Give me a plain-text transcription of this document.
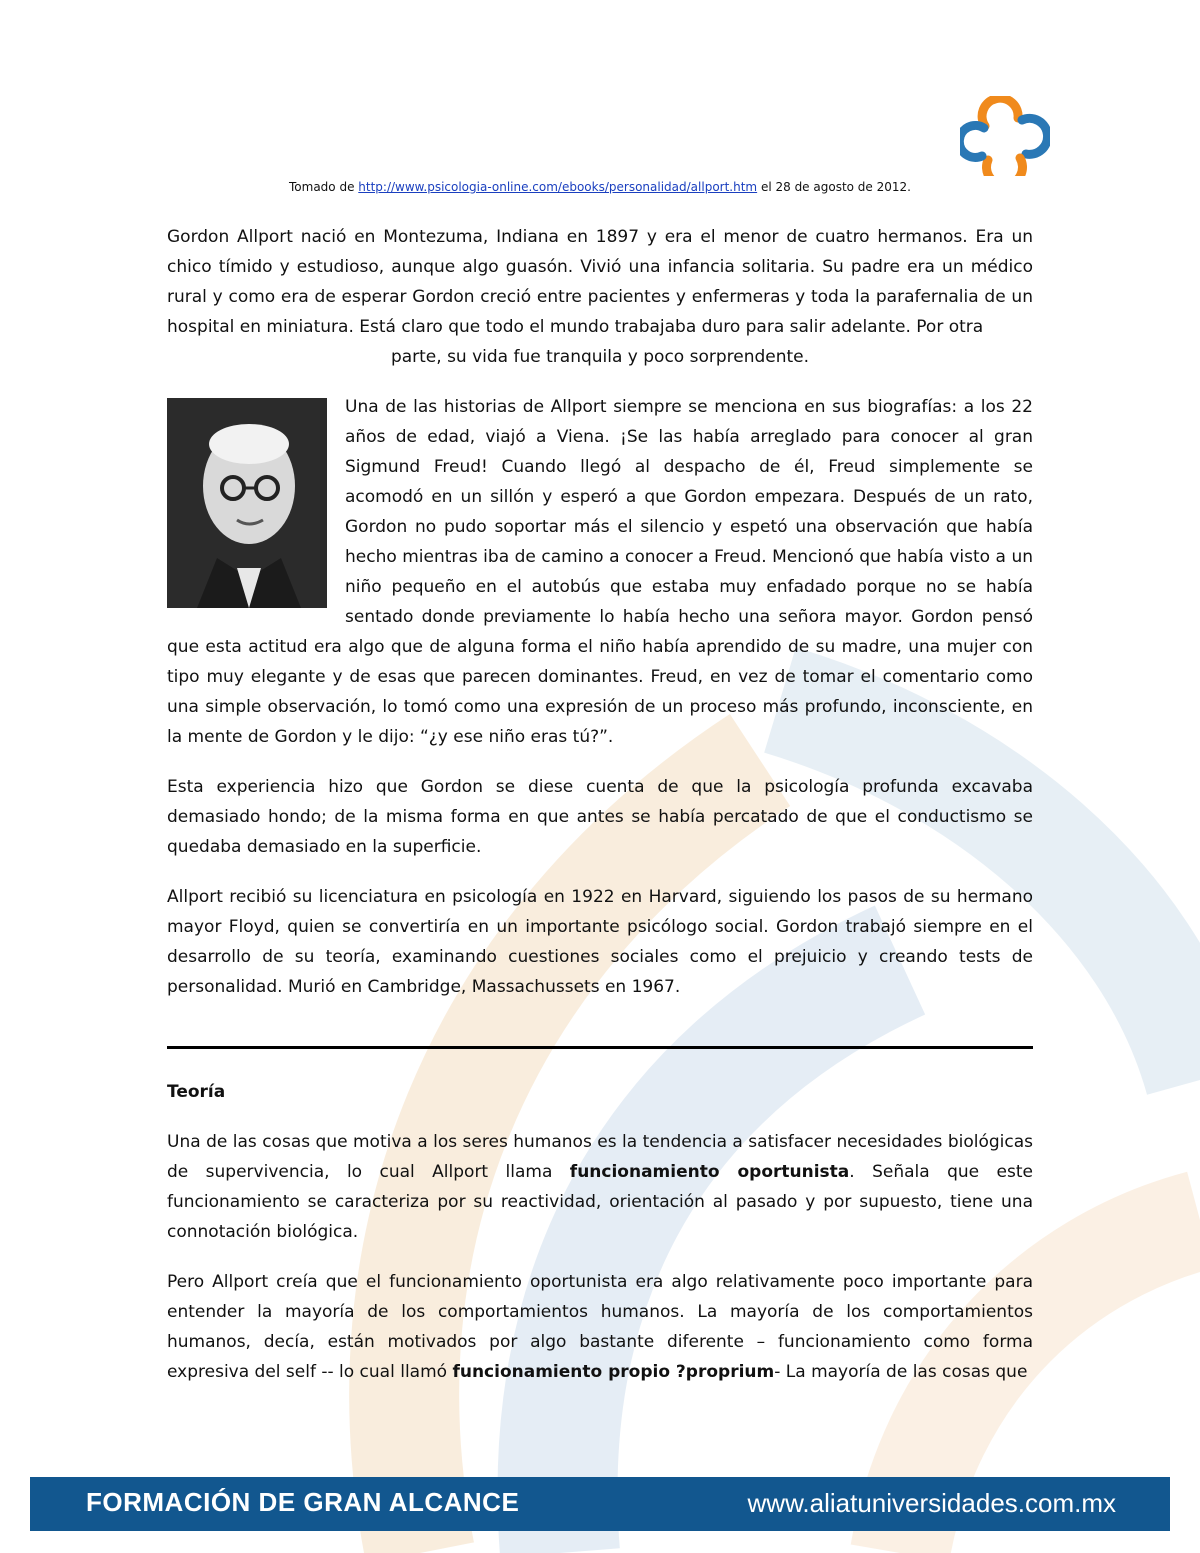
Tomado de http://www.psicologia-online.com/ebooks/personalidad/allport.htm el 28 de agosto de 2012.

Gordon Allport nació en Montezuma, Indiana en 1897 y era el menor de cuatro hermanos. Era un chico tímido y estudioso, aunque algo guasón. Vivió una infancia solitaria. Su padre era un médico rural y como era de esperar Gordon creció entre pacientes y enfermeras y toda la parafernalia de un hospital en miniatura. Está claro que todo el mundo trabajaba duro para salir adelante. Por otra

parte, su vida fue tranquila y poco sorprendente.

Una de las historias de Allport siempre se menciona en sus biografías: a los 22 años de edad, viajó a Viena. ¡Se las había arreglado para conocer al gran Sigmund Freud! Cuando llegó al despacho de él, Freud simplemente se acomodó en un sillón y esperó a que Gordon empezara. Después de un rato, Gordon no pudo soportar más el silencio y espetó una observación que había hecho mientras iba de camino a conocer a Freud. Mencionó que había visto a un niño pequeño en el autobús que estaba muy enfadado porque no se había sentado donde previamente lo había hecho una señora mayor. Gordon pensó que esta actitud era algo que de alguna forma el niño había aprendido de su madre, una mujer con tipo muy elegante y de esas que parecen dominantes. Freud, en vez de tomar el comentario como una simple observación, lo tomó como una expresión de un proceso más profundo, inconsciente, en la mente de Gordon y le dijo: “¿y ese niño eras tú?”.

Esta experiencia hizo que Gordon se diese cuenta de que la psicología profunda excavaba demasiado hondo; de la misma forma en que antes se había percatado de que el conductismo se quedaba demasiado en la superficie.

Allport recibió su licenciatura en psicología en 1922 en Harvard, siguiendo los pasos de su hermano mayor Floyd, quien se convertiría en un importante psicólogo social. Gordon trabajó siempre en el desarrollo de su teoría, examinando cuestiones sociales como el prejuicio y creando tests de personalidad. Murió en Cambridge, Massachussets en 1967.

Teoría

Una de las cosas que motiva a los seres humanos es la tendencia a satisfacer necesidades biológicas de supervivencia, lo cual Allport llama funcionamiento oportunista. Señala que este funcionamiento se caracteriza por su reactividad, orientación al pasado y por supuesto, tiene una connotación biológica.

Pero Allport creía que el funcionamiento oportunista era algo relativamente poco importante para entender la mayoría de los comportamientos humanos. La mayoría de los comportamientos humanos, decía, están motivados por algo bastante diferente – funcionamiento como forma expresiva del self -- lo cual llamó funcionamiento propio ?proprium- La mayoría de las cosas que

FORMACIÓN DE GRAN ALCANCE	www.aliatuniversidades.com.mx
